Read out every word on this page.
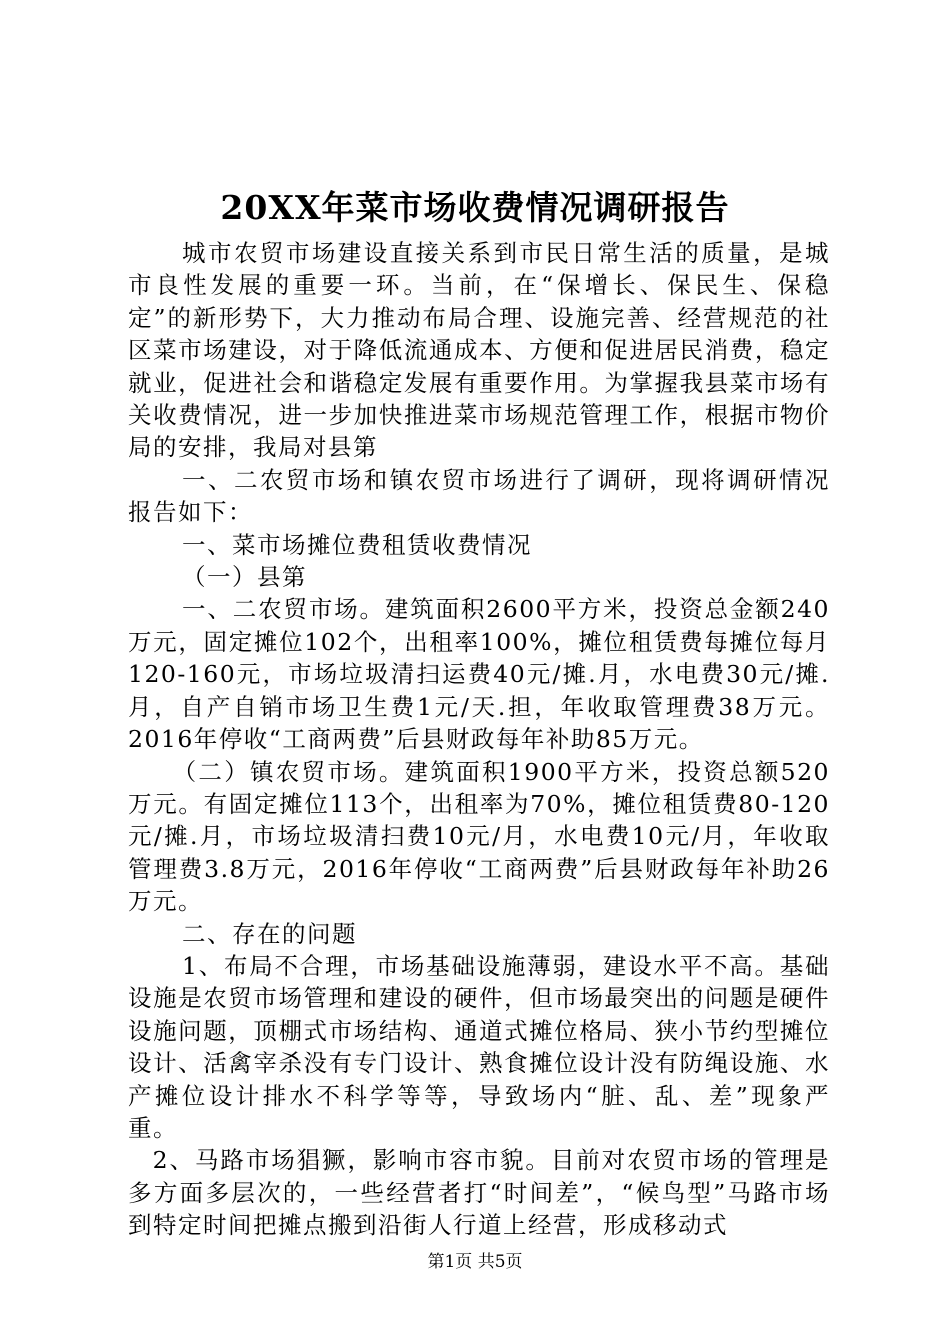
20XX年菜市场收费情况调研报告

城市农贸市场建设直接关系到市民日常生活的质量，是城市良性发展的重要一环。当前，在“保增长、保民生、保稳定”的新形势下，大力推动布局合理、设施完善、经营规范的社区菜市场建设，对于降低流通成本、方便和促进居民消费，稳定就业，促进社会和谐稳定发展有重要作用。为掌握我县菜市场有关收费情况，进一步加快推进菜市场规范管理工作，根据市物价局的安排，我局对县第

一、二农贸市场和镇农贸市场进行了调研，现将调研情况报告如下：

一、菜市场摊位费租赁收费情况

（一）县第

一、二农贸市场。建筑面积2600平方米，投资总金额240万元，固定摊位102个，出租率100%，摊位租赁费每摊位每月120-160元，市场垃圾清扫运费40元/摊.月，水电费30元/摊.月，自产自销市场卫生费1元/天.担，年收取管理费38万元。2016年停收“工商两费”后县财政每年补助85万元。

（二）镇农贸市场。建筑面积1900平方米，投资总额520万元。有固定摊位113个，出租率为70%，摊位租赁费80-120元/摊.月，市场垃圾清扫费10元/月，水电费10元/月，年收取管理费3.8万元，2016年停收“工商两费”后县财政每年补助26万元。

二、存在的问题

1、布局不合理，市场基础设施薄弱，建设水平不高。基础设施是农贸市场管理和建设的硬件，但市场最突出的问题是硬件设施问题，顶棚式市场结构、通道式摊位格局、狭小节约型摊位设计、活禽宰杀没有专门设计、熟食摊位设计没有防绳设施、水产摊位设计排水不科学等等，导致场内“脏、乱、差”现象严重。

2、马路市场猖獗，影响市容市貌。目前对农贸市场的管理是多方面多层次的，一些经营者打“时间差”，“候鸟型”马路市场到特定时间把摊点搬到沿街人行道上经营，形成移动式

第1页 共5页
